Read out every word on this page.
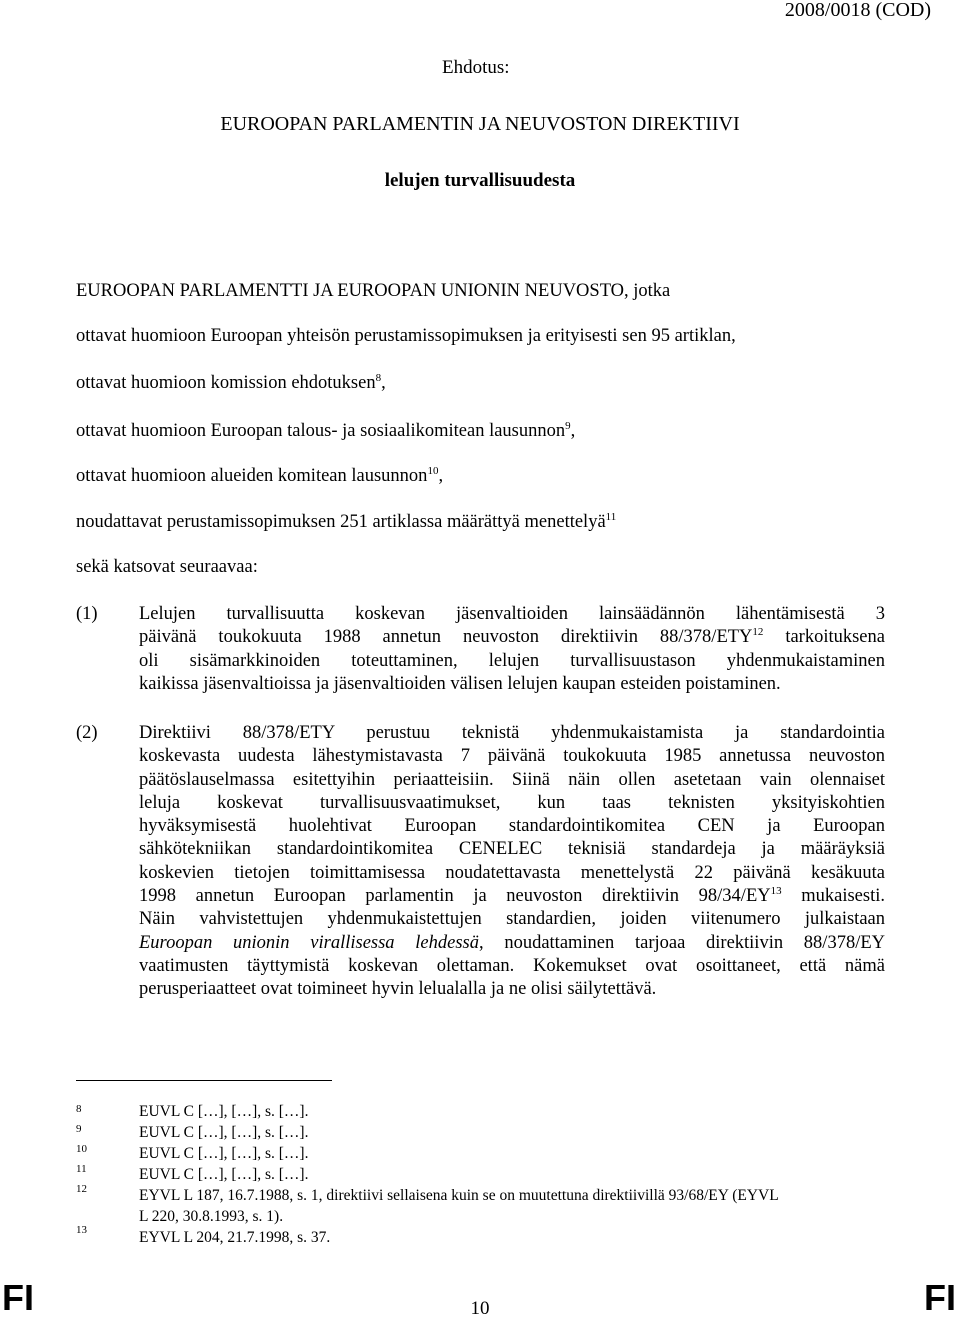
2008/0018 (COD)
Ehdotus:
EUROOPAN PARLAMENTIN JA NEUVOSTON DIREKTIIVI
lelujen turvallisuudesta
EUROOPAN PARLAMENTTI JA EUROOPAN UNIONIN NEUVOSTO, jotka
ottavat huomioon Euroopan yhteisön perustamissopimuksen ja erityisesti sen 95 artiklan,
ottavat huomioon komission ehdotuksen$^8$,
ottavat huomioon Euroopan talous- ja sosiaalikomitean lausunnon$^9$,
ottavat huomioon alueiden komitean lausunnon$^{10}$,
noudattavat perustamissopimuksen 251 artiklassa määrättyä menettelyä$^{11}$
sekä katsovat seuraavaa:
(1) Lelujen turvallisuutta koskevan jäsenvaltioiden lainsäädännön lähentämisestä 3
päivänä toukokuuta 1988 annetun neuvoston direktiivin 88/378/ETY$^{12}$ tarkoituksena
oli sisämarkkinoiden toteuttaminen, lelujen turvallisuustason yhdenmukaistaminen
kaikissa jäsenvaltioissa ja jäsenvaltioiden välisen lelujen kaupan esteiden poistaminen.
(2) Direktiivi 88/378/ETY perustuu teknistä yhdenmukaistamista ja standardointia
koskevasta uudesta lähestymistavasta 7 päivänä toukokuuta 1985 annetussa neuvoston
päätöslauselmassa esitettyihin periaatteisiin. Siinä näin ollen asetetaan vain olennaiset
leluja koskevat turvallisuusvaatimukset, kun taas teknisten yksityiskohtien
hyväksymisestä huolehtivat Euroopan standardointikomitea CEN ja Euroopan
sähkötekniikan standardointikomitea CENELEC teknisiä standardeja ja määräyksiä
koskevien tietojen toimittamisessa noudatettavasta menettelystä 22 päivänä kesäkuuta
1998 annetun Euroopan parlamentin ja neuvoston direktiivin 98/34/EY$^{13}$ mukaisesti.
Näin vahvistettujen yhdenmukaistettujen standardien, joiden viitenumero julkaistaan
Euroopan unionin virallisessa lehdessä, noudattaminen tarjoaa direktiivin 88/378/EY
vaatimusten täyttymistä koskevan olettaman. Kokemukset ovat osoittaneet, että nämä
perusperiaatteet ovat toimineet hyvin lelualalla ja ne olisi säilytettävä.
8	EUVL C […], […], s. […].
9	EUVL C […], […], s. […].
10	EUVL C […], […], s. […].
11	EUVL C […], […], s. […].
12	EYVL L 187, 16.7.1988, s. 1, direktiivi sellaisena kuin se on muutettuna direktiivillä 93/68/EY (EYVL
L 220, 30.8.1993, s. 1).
13	EYVL L 204, 21.7.1998, s. 37.
FI	10	FI
